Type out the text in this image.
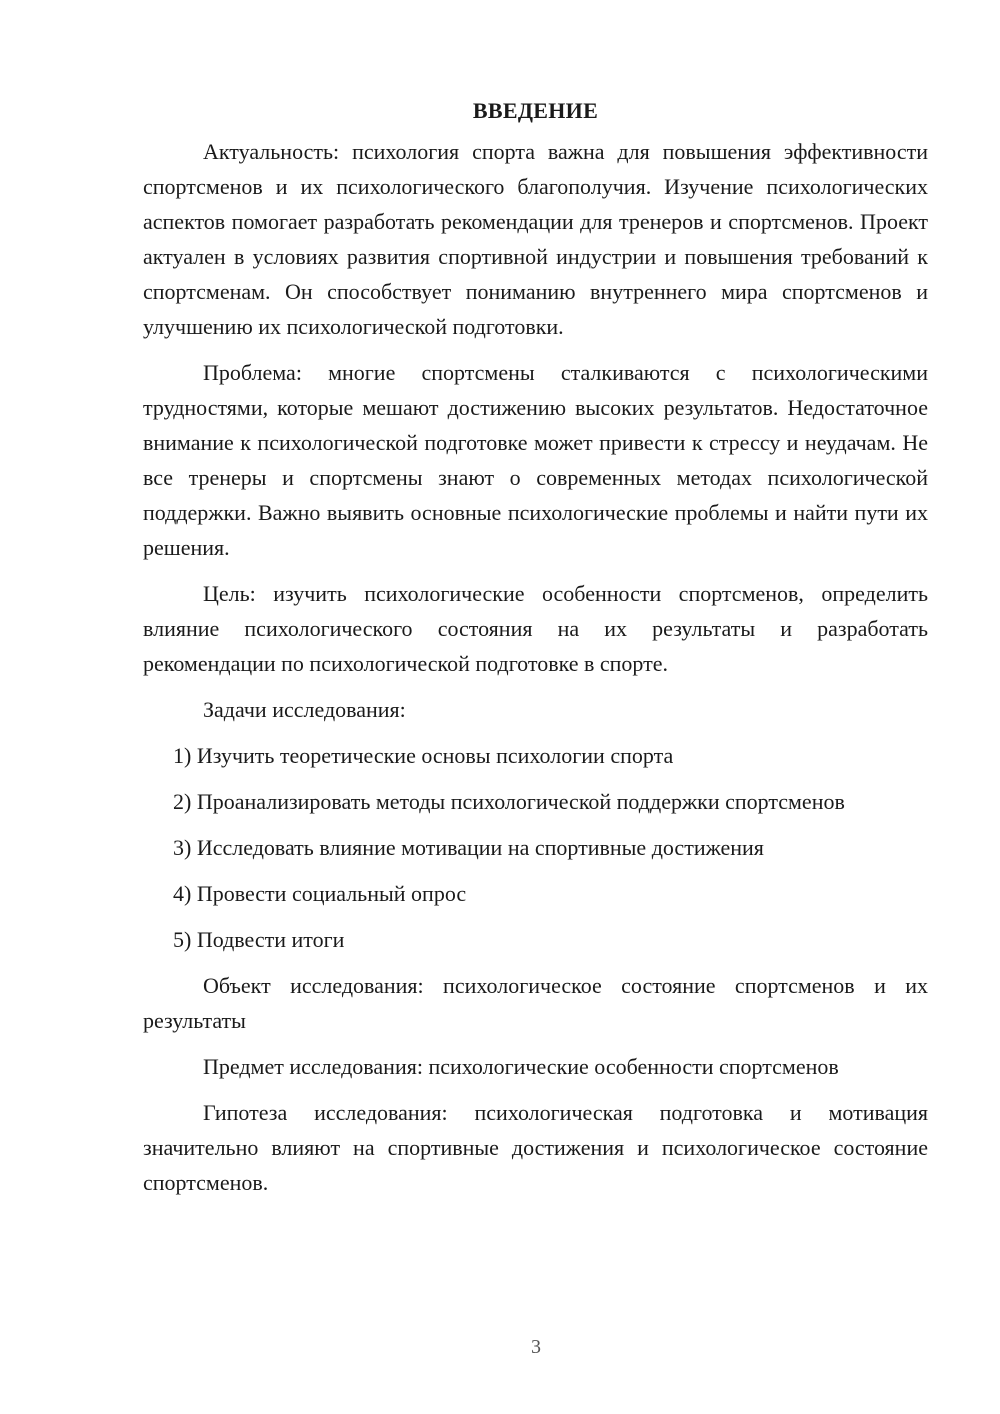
ВВЕДЕНИЕ

Актуальность: психология спорта важна для повышения эффективности спортсменов и их психологического благополучия. Изучение психологических аспектов помогает разработать рекомендации для тренеров и спортсменов. Проект актуален в условиях развития спортивной индустрии и повышения требований к спортсменам. Он способствует пониманию внутреннего мира спортсменов и улучшению их психологической подготовки.

Проблема: многие спортсмены сталкиваются с психологическими трудностями, которые мешают достижению высоких результатов. Недостаточное внимание к психологической подготовке может привести к стрессу и неудачам. Не все тренеры и спортсмены знают о современных методах психологической поддержки. Важно выявить основные психологические проблемы и найти пути их решения.

Цель: изучить психологические особенности спортсменов, определить влияние психологического состояния на их результаты и разработать рекомендации по психологической подготовке в спорте.

Задачи исследования:

1) Изучить теоретические основы психологии спорта

2) Проанализировать методы психологической поддержки спортсменов

3) Исследовать влияние мотивации на спортивные достижения

4) Провести социальный опрос

5) Подвести итоги

Объект исследования: психологическое состояние спортсменов и их результаты

Предмет исследования: психологические особенности спортсменов

Гипотеза исследования: психологическая подготовка и мотивация значительно влияют на спортивные достижения и психологическое состояние спортсменов.

3
